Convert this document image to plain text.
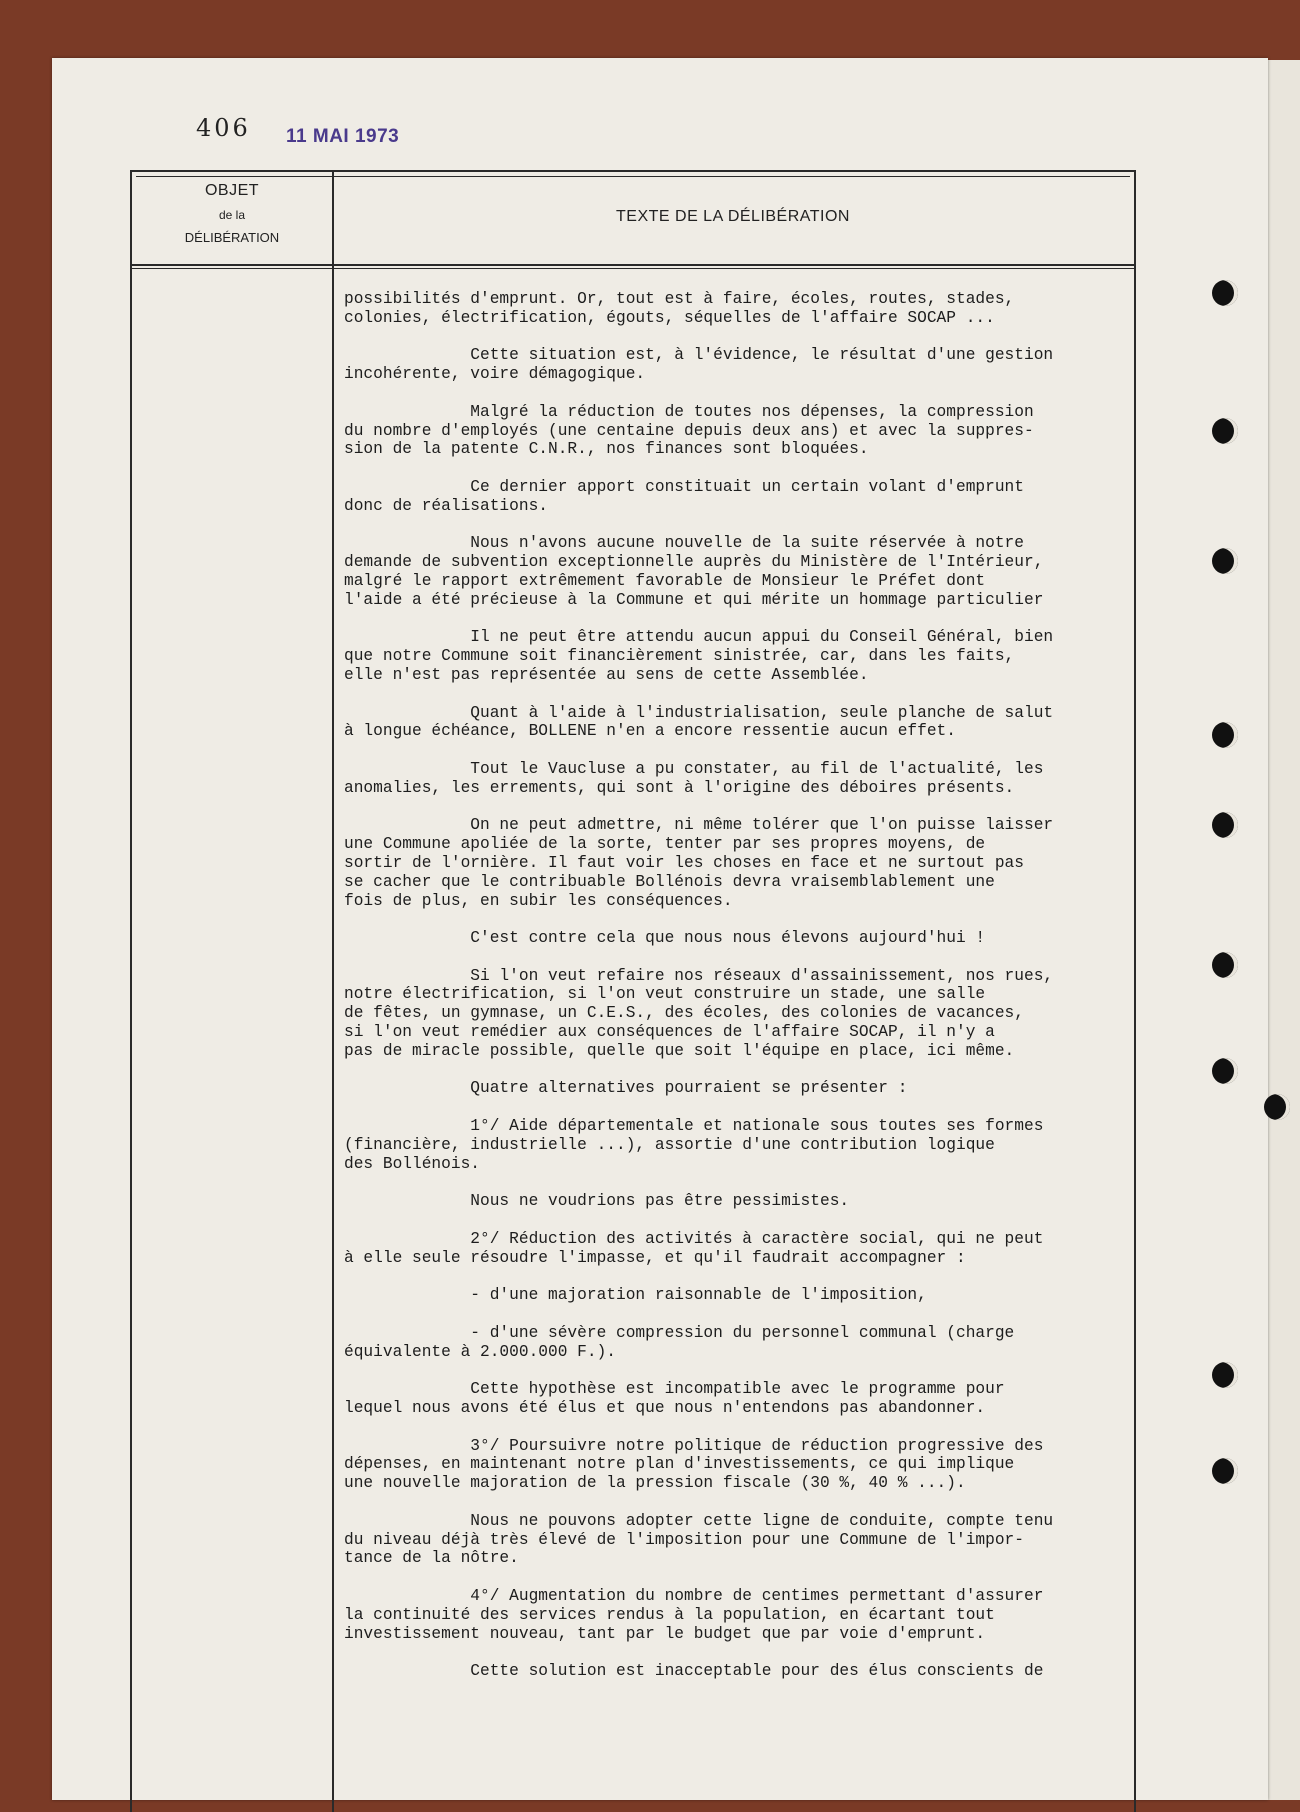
406 11 MAI 1973
OBJET
de la
DÉLIBÉRATION
TEXTE DE LA DÉLIBÉRATION
possibilités d'emprunt. Or, tout est à faire, écoles, routes, stades,
colonies, électrification, égouts, séquelles de l'affaire SOCAP ...
Cette situation est, à l'évidence, le résultat d'une gestion
incohérente, voire démagogique.
Malgré la réduction de toutes nos dépenses, la compression
du nombre d'employés (une centaine depuis deux ans) et avec la suppres-
sion de la patente C.N.R., nos finances sont bloquées.
Ce dernier apport constituait un certain volant d'emprunt
donc de réalisations.
Nous n'avons aucune nouvelle de la suite réservée à notre
demande de subvention exceptionnelle auprès du Ministère de l'Intérieur,
malgré le rapport extrêmement favorable de Monsieur le Préfet dont
l'aide a été précieuse à la Commune et qui mérite un hommage particulier
Il ne peut être attendu aucun appui du Conseil Général, bien
que notre Commune soit financièrement sinistrée, car, dans les faits,
elle n'est pas représentée au sens de cette Assemblée.
Quant à l'aide à l'industrialisation, seule planche de salut
à longue échéance, BOLLENE n'en a encore ressentie aucun effet.
Tout le Vaucluse a pu constater, au fil de l'actualité, les
anomalies, les errements, qui sont à l'origine des déboires présents.
On ne peut admettre, ni même tolérer que l'on puisse laisser
une Commune apoliée de la sorte, tenter par ses propres moyens, de
sortir de l'ornière. Il faut voir les choses en face et ne surtout pas
se cacher que le contribuable Bollénois devra vraisemblablement une
fois de plus, en subir les conséquences.
C'est contre cela que nous nous élevons aujourd'hui !
Si l'on veut refaire nos réseaux d'assainissement, nos rues,
notre électrification, si l'on veut construire un stade, une salle
de fêtes, un gymnase, un C.E.S., des écoles, des colonies de vacances,
si l'on veut remédier aux conséquences de l'affaire SOCAP, il n'y a
pas de miracle possible, quelle que soit l'équipe en place, ici même.
Quatre alternatives pourraient se présenter :
1°/ Aide départementale et nationale sous toutes ses formes
(financière, industrielle ...), assortie d'une contribution logique
des Bollénois.
Nous ne voudrions pas être pessimistes.
2°/ Réduction des activités à caractère social, qui ne peut
à elle seule résoudre l'impasse, et qu'il faudrait accompagner :
- d'une majoration raisonnable de l'imposition,
- d'une sévère compression du personnel communal (charge
équivalente à 2.000.000 F.).
Cette hypothèse est incompatible avec le programme pour
lequel nous avons été élus et que nous n'entendons pas abandonner.
3°/ Poursuivre notre politique de réduction progressive des
dépenses, en maintenant notre plan d'investissements, ce qui implique
une nouvelle majoration de la pression fiscale (30 %, 40 % ...).
Nous ne pouvons adopter cette ligne de conduite, compte tenu
du niveau déjà très élevé de l'imposition pour une Commune de l'impor-
tance de la nôtre.
4°/ Augmentation du nombre de centimes permettant d'assurer
la continuité des services rendus à la population, en écartant tout
investissement nouveau, tant par le budget que par voie d'emprunt.
Cette solution est inacceptable pour des élus conscients de
